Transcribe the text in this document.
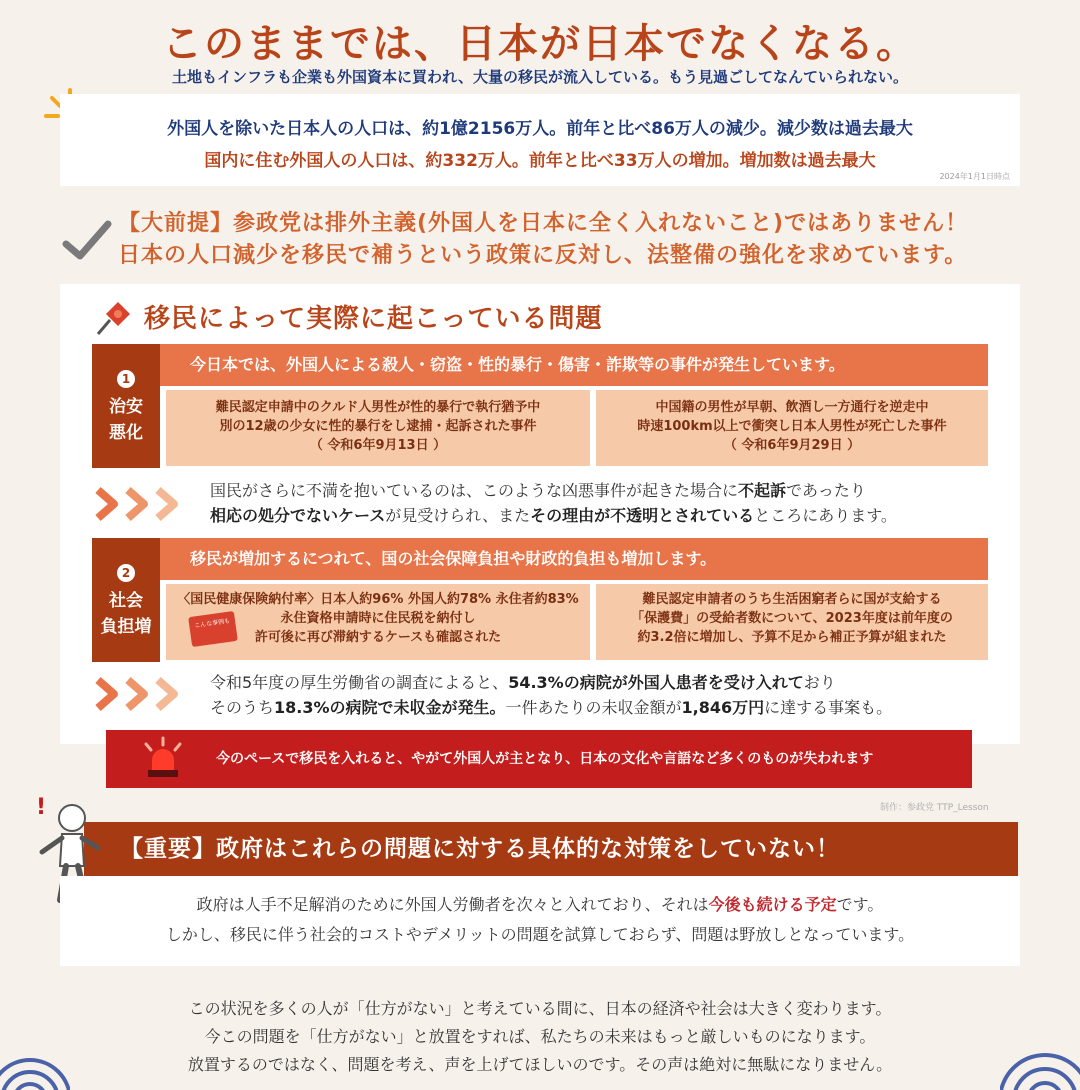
このままでは、日本が日本でなくなる。
土地もインフラも企業も外国資本に買われ、大量の移民が流入している。もう見過ごしてなんていられない。
外国人を除いた日本人の人口は、約1億2156万人。前年と比べ86万人の減少。減少数は過去最大
国内に住む外国人の人口は、約332万人。前年と比べ33万人の増加。増加数は過去最大
2024年1月1日時点
【大前提】参政党は排外主義(外国人を日本に全く入れないこと)ではありません！
日本の人口減少を移民で補うという政策に反対し、法整備の強化を求めています。
移民によって実際に起こっている問題
1
治安
悪化
今日本では、外国人による殺人・窃盗・性的暴行・傷害・詐欺等の事件が発生しています。
難民認定申請中のクルド人男性が性的暴行で執行猶予中
別の12歳の少女に性的暴行をし逮捕・起訴された事件
（ 令和6年9月13日 ）
中国籍の男性が早朝、飲酒し一方通行を逆走中
時速100km以上で衝突し日本人男性が死亡した事件
（ 令和6年9月29日 ）
国民がさらに不満を抱いているのは、このような凶悪事件が起きた場合に不起訴であったり
相応の処分でないケースが見受けられ、またその理由が不透明とされているところにあります。
2
社会
負担増
移民が増加するにつれて、国の社会保障負担や財政的負担も増加します。
〈国民健康保険納付率〉日本人約96% 外国人約78% 永住者約83%
永住資格申請時に住民税を納付し
許可後に再び滞納するケースも確認された
こんな事例も
難民認定申請者のうち生活困窮者らに国が支給する
「保護費」の受給者数について、2023年度は前年度の
約3.2倍に増加し、予算不足から補正予算が組まれた
令和5年度の厚生労働省の調査によると、54.3%の病院が外国人患者を受け入れており
そのうち18.3%の病院で未収金が発生。一件あたりの未収金額が1,846万円に達する事案も。
今のペースで移民を入れると、やがて外国人が主となり、日本の文化や言語など多くのものが失われます
制作：参政党 TTP_Lesson
【重要】政府はこれらの問題に対する具体的な対策をしていない！
!
政府は人手不足解消のために外国人労働者を次々と入れており、それは今後も続ける予定です。
しかし、移民に伴う社会的コストやデメリットの問題を試算しておらず、問題は野放しとなっています。
この状況を多くの人が「仕方がない」と考えている間に、日本の経済や社会は大きく変わります。
今この問題を「仕方がない」と放置をすれば、私たちの未来はもっと厳しいものになります。
放置するのではなく、問題を考え、声を上げてほしいのです。その声は絶対に無駄になりません。
